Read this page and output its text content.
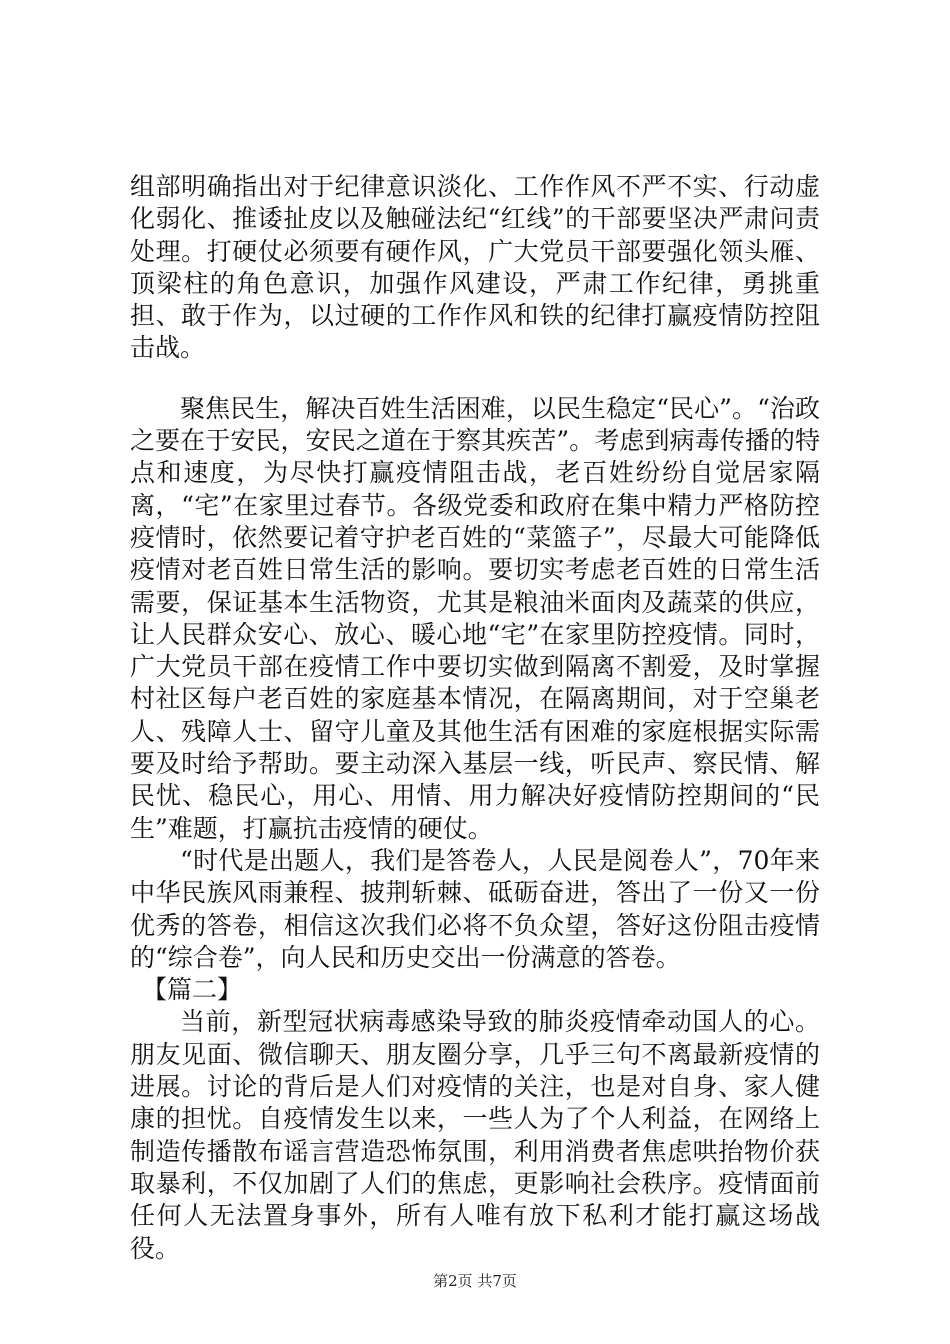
组部明确指出对于纪律意识淡化、工作作风不严不实、行动虚化弱化、推诿扯皮以及触碰法纪“红线”的干部要坚决严肃问责处理。打硬仗必须要有硬作风，广大党员干部要强化领头雁、顶梁柱的角色意识，加强作风建设，严肃工作纪律，勇挑重担、敢于作为，以过硬的工作作风和铁的纪律打赢疫情防控阻击战。

聚焦民生，解决百姓生活困难，以民生稳定“民心”。“治政之要在于安民，安民之道在于察其疾苦”。考虑到病毒传播的特点和速度，为尽快打赢疫情阻击战，老百姓纷纷自觉居家隔离，“宅”在家里过春节。各级党委和政府在集中精力严格防控疫情时，依然要记着守护老百姓的“菜篮子”，尽最大可能降低疫情对老百姓日常生活的影响。要切实考虑老百姓的日常生活需要，保证基本生活物资，尤其是粮油米面肉及蔬菜的供应，让人民群众安心、放心、暖心地“宅”在家里防控疫情。同时，广大党员干部在疫情工作中要切实做到隔离不割爱，及时掌握村社区每户老百姓的家庭基本情况，在隔离期间，对于空巢老人、残障人士、留守儿童及其他生活有困难的家庭根据实际需要及时给予帮助。要主动深入基层一线，听民声、察民情、解民忧、稳民心，用心、用情、用力解决好疫情防控期间的“民生”难题，打赢抗击疫情的硬仗。

“时代是出题人，我们是答卷人，人民是阅卷人”，70年来中华民族风雨兼程、披荆斩棘、砥砺奋进，答出了一份又一份优秀的答卷，相信这次我们必将不负众望，答好这份阻击疫情的“综合卷”，向人民和历史交出一份满意的答卷。

【篇二】

当前，新型冠状病毒感染导致的肺炎疫情牵动国人的心。朋友见面、微信聊天、朋友圈分享，几乎三句不离最新疫情的进展。讨论的背后是人们对疫情的关注，也是对自身、家人健康的担忧。自疫情发生以来，一些人为了个人利益，在网络上制造传播散布谣言营造恐怖氛围，利用消费者焦虑哄抬物价获取暴利，不仅加剧了人们的焦虑，更影响社会秩序。疫情面前任何人无法置身事外，所有人唯有放下私利才能打赢这场战役。

第2页 共7页
